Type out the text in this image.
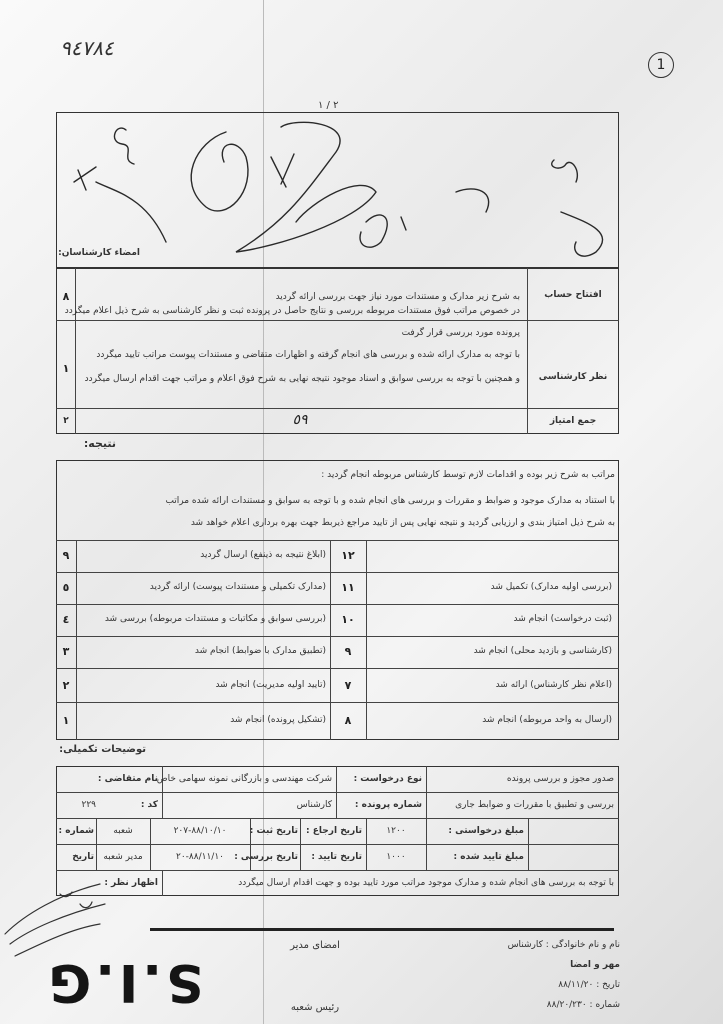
٩٤٧٨٤
1
٢ / ١
امضاء کارشناسان:
افتتاح حساب
٨	به شرح زیر مدارک و مستندات مورد نیاز جهت بررسی ارائه گردید
در خصوص مراتب فوق مستندات مربوطه بررسی و نتایج حاصل در پرونده ثبت و نظر کارشناسی به شرح ذیل اعلام میگردد
نظر کارشناسی
١
پرونده مورد بررسی قرار گرفت
با توجه به مدارک ارائه شده و بررسی های انجام گرفته و اظهارات متقاضی و مستندات پیوست مراتب تایید میگردد
و همچنین با توجه به بررسی سوابق و اسناد موجود نتیجه نهایی به شرح فوق اعلام و مراتب جهت اقدام ارسال میگردد
جمع امتیاز
٥٩
٢
نتیجه:
مراتب به شرح زیر بوده و اقدامات لازم توسط کارشناس مربوطه انجام گردید :
با استناد به مدارک موجود و ضوابط و مقررات و بررسی های انجام شده و با توجه به سوابق و مستندات ارائه شده مراتب
به شرح ذیل امتیاز بندی و ارزیابی گردید و نتیجه نهایی پس از تایید مراجع ذیربط جهت بهره برداری اعلام خواهد شد
١٢
(ابلاغ نتیجه به ذینفع) ارسال گردید
٩
(بررسی اولیه مدارک) تکمیل شد
١١
(مدارک تکمیلی و مستندات پیوست) ارائه گردید
٥
(ثبت درخواست) انجام شد
١٠
(بررسی سوابق و مکاتبات و مستندات مربوطه) بررسی شد
٤
(کارشناسی و بازدید محلی) انجام شد
٩
(تطبیق مدارک با ضوابط) انجام شد
٣
(اعلام نظر کارشناس) ارائه شد
٧
(تایید اولیه مدیریت) انجام شد
٢
(ارسال به واحد مربوطه) انجام شد
٨
(تشکیل پرونده) انجام شد
١
توضیحات تکمیلی:
صدور مجوز و بررسی پرونده
نوع درخواست :
شرکت مهندسی و بازرگانی نمونه سهامی خاص
نام متقاضی :
بررسی و تطبیق با مقررات و ضوابط جاری
شماره پرونده :
کارشناس
کد :
٢٢٩
مبلغ درخواستی :
١٢٠٠
تاریخ ارجاع :
تاریخ ثبت :
٨٨/١٠/١٠-٢٠٧
شعبه
شماره :
مبلغ تایید شده :
١٠٠٠
تاریخ تایید :
تاریخ بررسی :
٨٨/١١/١٠-٢٠
مدیر شعبه
تاریخ
با توجه به بررسی های انجام شده و مدارک موجود مراتب مورد تایید بوده و جهت اقدام ارسال میگردد
اظهار نظر :
امضای مدیر
رئیس شعبه
نام و نام خانوادگی : کارشناس
مهر و امضا
تاریخ : ٨٨/١١/٢٠
شماره : ٨٨/٢٠/٢٣٠
S.I.G
